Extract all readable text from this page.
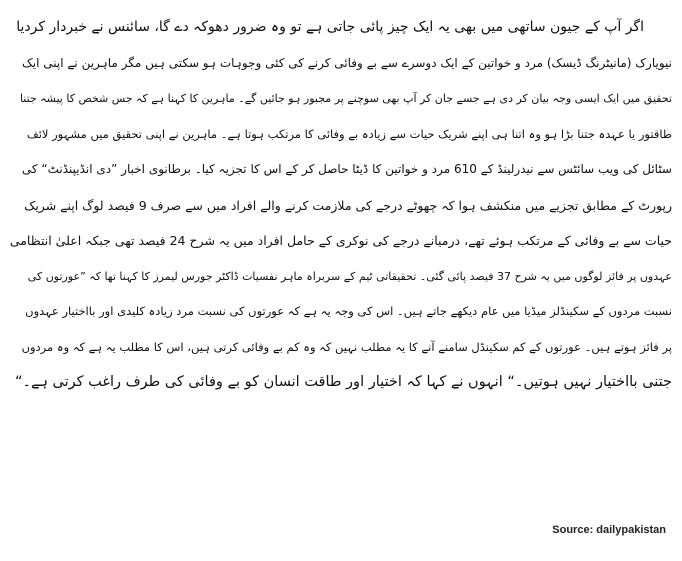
اگر آپ کے جیون ساتھی میں بھی یہ ایک چیز پائی جاتی ہے تو وہ ضرور دھوکہ دے گا، سائنس نے خبردار کردیا
نیویارک (مانیٹرنگ ڈیسک) مرد و خواتین کے ایک دوسرے سے بے وفائی کرنے کی کئی وجوہات ہو سکتی ہیں مگر ماہرین نے اپنی ایک
تحقیق میں ایک ایسی وجہ بیان کر دی ہے جسے جان کر آپ بھی سوچنے پر مجبور ہو جائیں گے۔ ماہرین کا کہنا ہے کہ جس شخص کا پیشہ جتنا
طاقتور یا عہدہ جتنا بڑا ہو وہ اتنا ہی اپنے شریک حیات سے زیادہ بے وفائی کا مرتکب ہوتا ہے۔ ماہرین نے اپنی تحقیق میں مشہور لائف
سٹائل کی ویب سائٹس سے نیدرلینڈ کے 610 مرد و خواتین کا ڈیٹا حاصل کر کے اس کا تجزیہ کیا۔ برطانوی اخبار ”دی انڈیپنڈنٹ“ کی
رپورٹ کے مطابق تجزیے میں منکشف ہوا کہ چھوٹے درجے کی ملازمت کرنے والے افراد میں سے صرف 9 فیصد لوگ اپنے شریک
حیات سے بے وفائی کے مرتکب ہوئے تھے، درمیانے درجے کی نوکری کے حامل افراد میں یہ شرح 24 فیصد تھی جبکہ اعلیٰ انتظامی
عہدوں پر فائز لوگوں میں یہ شرح 37 فیصد پائی گئی۔ تحقیقاتی ٹیم کے سربراہ ماہر نفسیات ڈاکٹر جورس لیمرز کا کہنا تھا کہ ”عورتوں کی
نسبت مردوں کے سکینڈلز میڈیا میں عام دیکھے جاتے ہیں۔ اس کی وجہ یہ ہے کہ عورتوں کی نسبت مرد زیادہ کلیدی اور بااختیار عہدوں
پر فائز ہوتے ہیں۔ عورتوں کے کم سکینڈل سامنے آنے کا یہ مطلب نہیں کہ وہ کم بے وفائی کرتی ہیں، اس کا مطلب یہ ہے کہ وہ مردوں
جتنی بااختیار نہیں ہوتیں۔“ انہوں نے کہا کہ اختیار اور طاقت انسان کو بے وفائی کی طرف راغب کرتی ہے۔“
Source: dailypakistan
